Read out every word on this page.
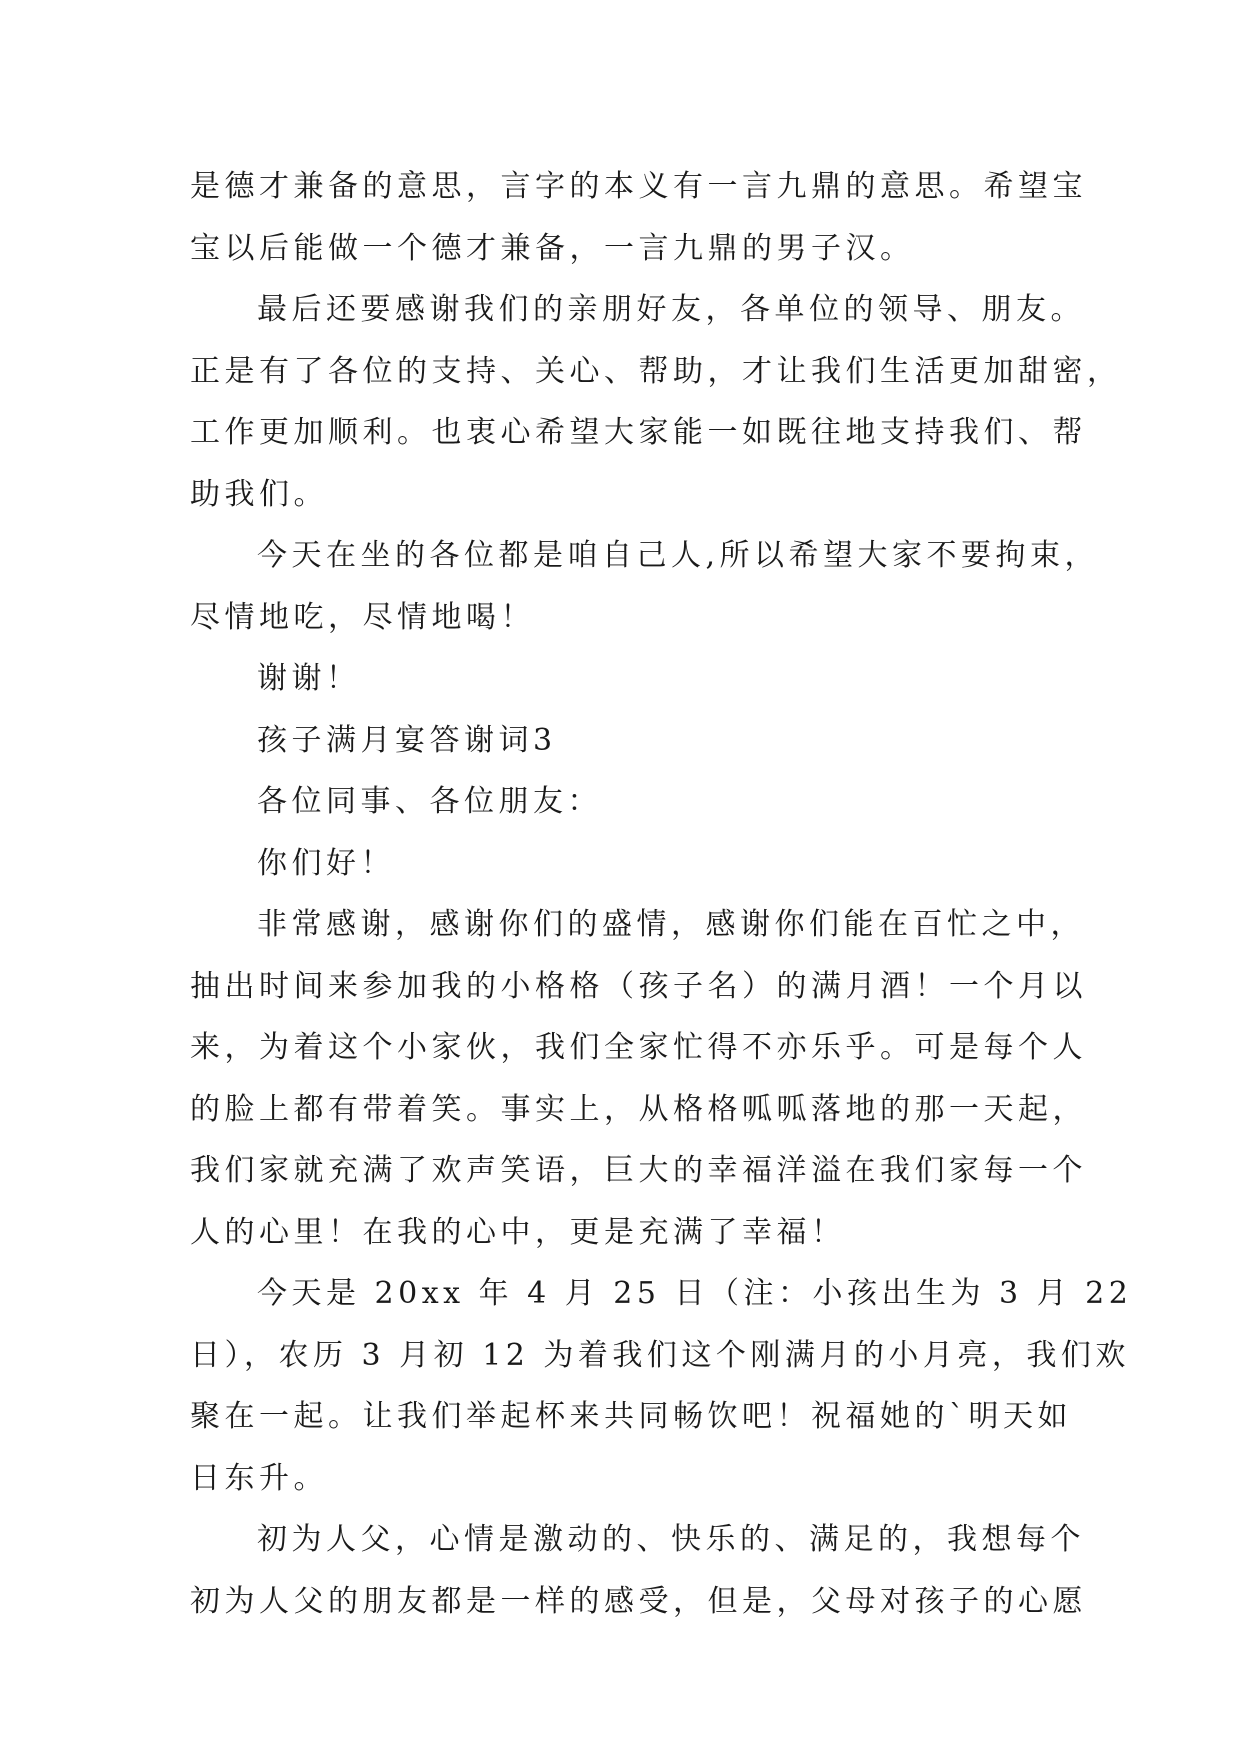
是德才兼备的意思，言字的本义有一言九鼎的意思。希望宝
宝以后能做一个德才兼备，一言九鼎的男子汉。

最后还要感谢我们的亲朋好友，各单位的领导、朋友。
正是有了各位的支持、关心、帮助，才让我们生活更加甜密，
工作更加顺利。也衷心希望大家能一如既往地支持我们、帮
助我们。

今天在坐的各位都是咱自己人,所以希望大家不要拘束，
尽情地吃，尽情地喝！

谢谢！

孩子满月宴答谢词3

各位同事、各位朋友：

你们好！

非常感谢，感谢你们的盛情，感谢你们能在百忙之中，
抽出时间来参加我的小格格（孩子名）的满月酒！一个月以
来，为着这个小家伙，我们全家忙得不亦乐乎。可是每个人
的脸上都有带着笑。事实上，从格格呱呱落地的那一天起，
我们家就充满了欢声笑语，巨大的幸福洋溢在我们家每一个
人的心里！在我的心中，更是充满了幸福！

今天是 20xx 年 4 月 25 日（注：小孩出生为 3 月 22
日），农历 3 月初 12 为着我们这个刚满月的小月亮，我们欢
聚在一起。让我们举起杯来共同畅饮吧！祝福她的`明天如
日东升。

初为人父，心情是激动的、快乐的、满足的，我想每个
初为人父的朋友都是一样的感受，但是，父母对孩子的心愿
